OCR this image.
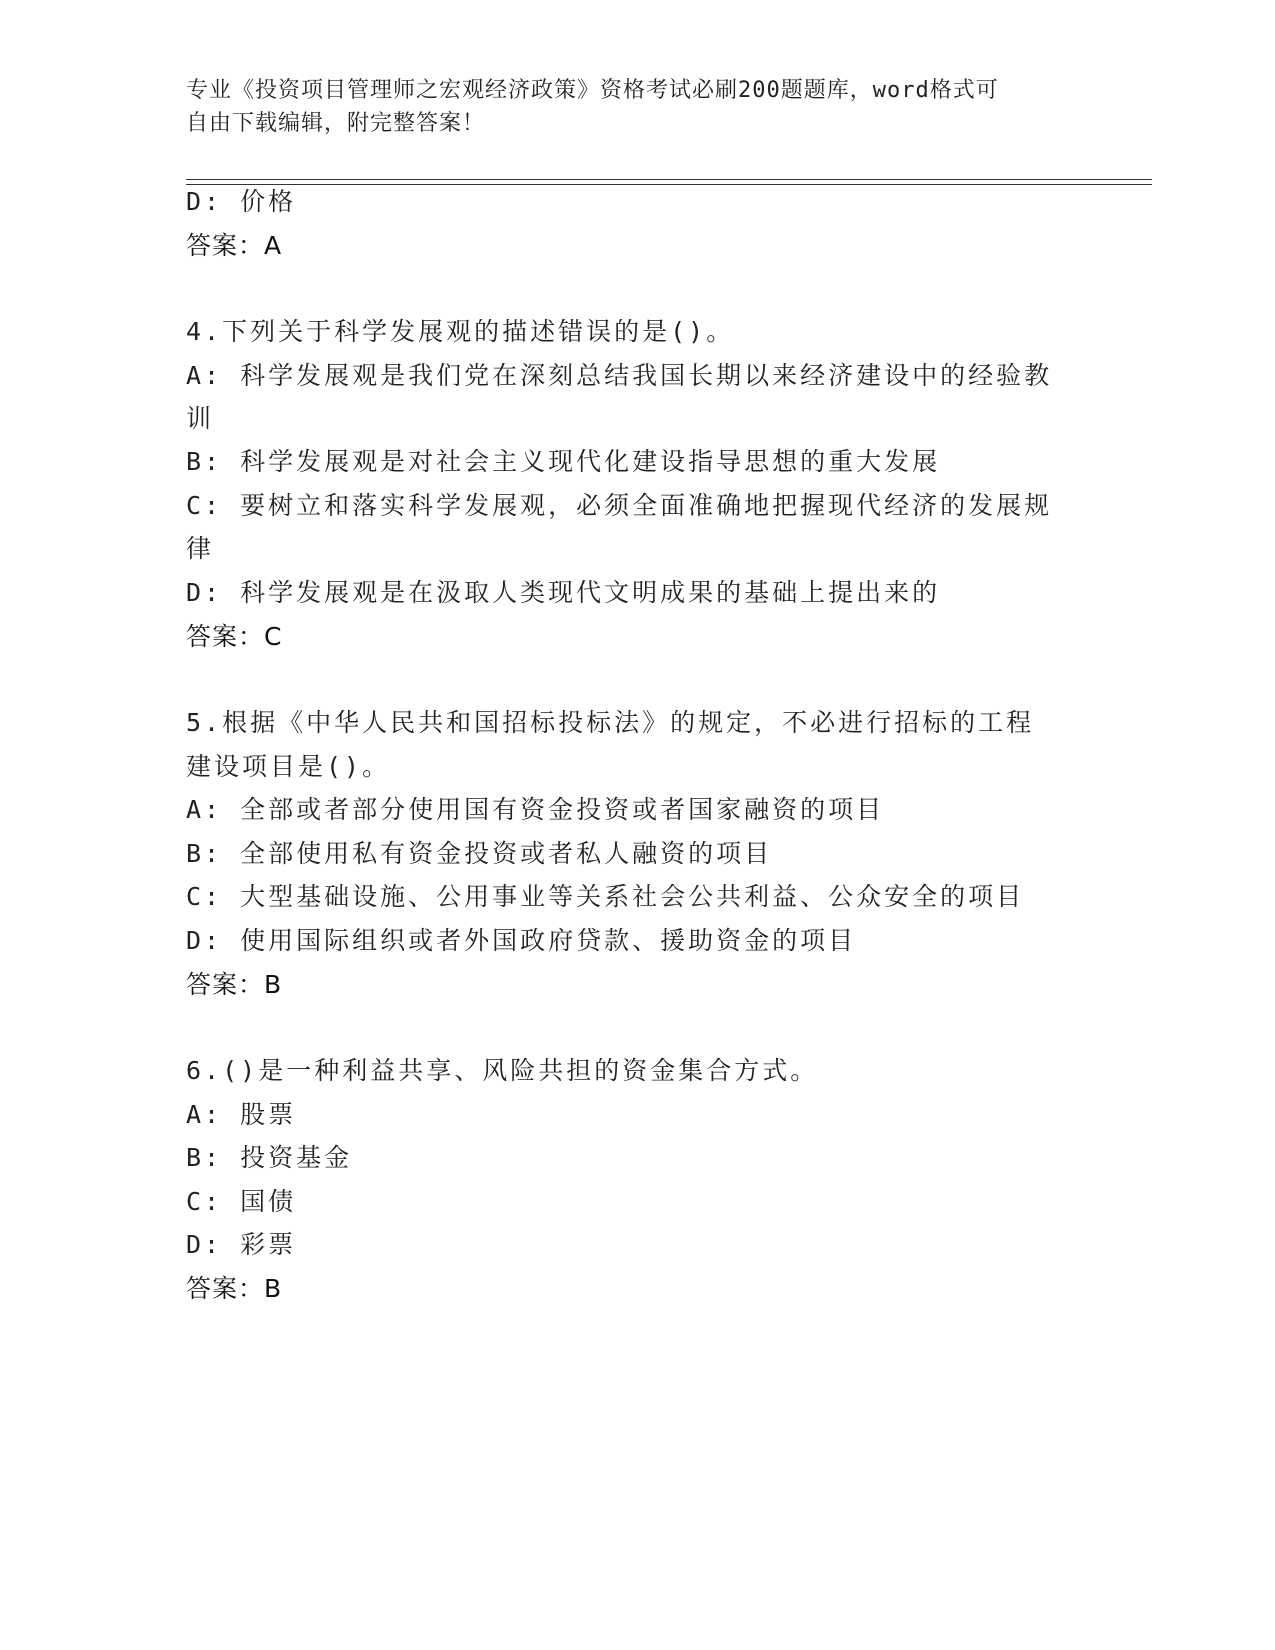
专业《投资项目管理师之宏观经济政策》资格考试必刷200题题库，word格式可
自由下载编辑，附完整答案！
D: 价格
答案：A
4.下列关于科学发展观的描述错误的是()。
A: 科学发展观是我们党在深刻总结我国长期以来经济建设中的经验教
训
B: 科学发展观是对社会主义现代化建设指导思想的重大发展
C: 要树立和落实科学发展观，必须全面准确地把握现代经济的发展规
律
D: 科学发展观是在汲取人类现代文明成果的基础上提出来的
答案：C
5.根据《中华人民共和国招标投标法》的规定，不必进行招标的工程
建设项目是()。
A: 全部或者部分使用国有资金投资或者国家融资的项目
B: 全部使用私有资金投资或者私人融资的项目
C: 大型基础设施、公用事业等关系社会公共利益、公众安全的项目
D: 使用国际组织或者外国政府贷款、援助资金的项目
答案：B
6.()是一种利益共享、风险共担的资金集合方式。
A: 股票
B: 投资基金
C: 国债
D: 彩票
答案：B
